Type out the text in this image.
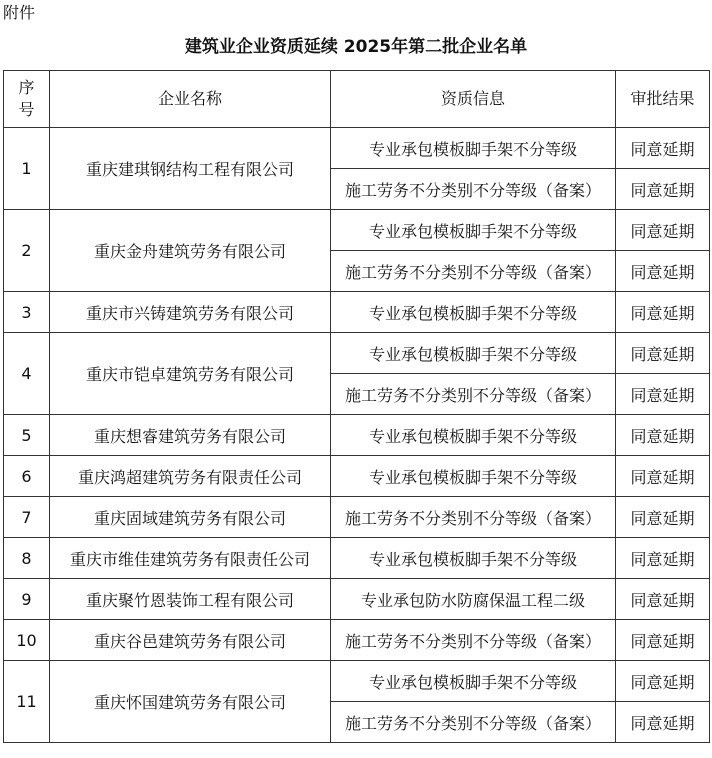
附件
建筑业企业资质延续 2025年第二批企业名单
序
号	企业名称	资质信息	审批结果
1	重庆建琪钢结构工程有限公司	专业承包模板脚手架不分等级	同意延期
		施工劳务不分类别不分等级（备案）	同意延期
2	重庆金舟建筑劳务有限公司	专业承包模板脚手架不分等级	同意延期
		施工劳务不分类别不分等级（备案）	同意延期
3	重庆市兴铸建筑劳务有限公司	专业承包模板脚手架不分等级	同意延期
4	重庆市铠卓建筑劳务有限公司	专业承包模板脚手架不分等级	同意延期
		施工劳务不分类别不分等级（备案）	同意延期
5	重庆想睿建筑劳务有限公司	专业承包模板脚手架不分等级	同意延期
6	重庆鸿超建筑劳务有限责任公司	专业承包模板脚手架不分等级	同意延期
7	重庆固域建筑劳务有限公司	施工劳务不分类别不分等级（备案）	同意延期
8	重庆市维佳建筑劳务有限责任公司	专业承包模板脚手架不分等级	同意延期
9	重庆聚竹恩装饰工程有限公司	专业承包防水防腐保温工程二级	同意延期
10	重庆谷邑建筑劳务有限公司	施工劳务不分类别不分等级（备案）	同意延期
11	重庆怀国建筑劳务有限公司	专业承包模板脚手架不分等级	同意延期
		施工劳务不分类别不分等级（备案）	同意延期
